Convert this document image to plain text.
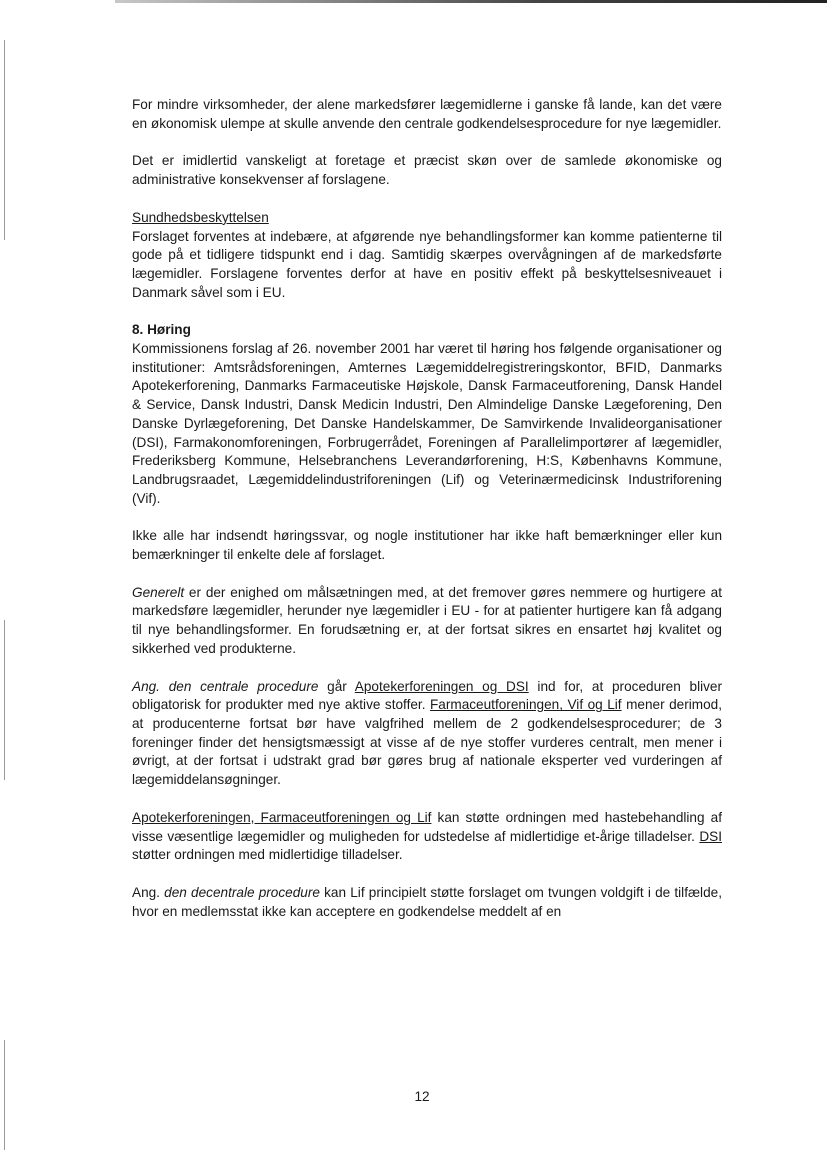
For mindre virksomheder, der alene markedsfører lægemidlerne i ganske få lande, kan det være en økonomisk ulempe at skulle anvende den centrale godkendelsesprocedure for nye lægemidler.

Det er imidlertid vanskeligt at foretage et præcist skøn over de samlede økonomiske og administrative konsekvenser af forslagene.

Sundhedsbeskyttelsen

Forslaget forventes at indebære, at afgørende nye behandlingsformer kan komme patienterne til gode på et tidligere tidspunkt end i dag. Samtidig skærpes overvågningen af de markedsførte lægemidler. Forslagene forventes derfor at have en positiv effekt på beskyttelsesniveauet i Danmark såvel som i EU.

8. Høring

Kommissionens forslag af 26. november 2001 har været til høring hos følgende organisationer og institutioner: Amtsrådsforeningen, Amternes Lægemiddelregistreringskontor, BFID, Danmarks Apotekerforening, Danmarks Farmaceutiske Højskole, Dansk Farmaceutforening, Dansk Handel & Service, Dansk Industri, Dansk Medicin Industri, Den Almindelige Danske Lægeforening, Den Danske Dyrlægeforening, Det Danske Handelskammer, De Samvirkende Invalideorganisationer (DSI), Farmakonomforeningen, Forbrugerrådet, Foreningen af Parallelimportører af lægemidler, Frederiksberg Kommune, Helsebranchens Leverandørforening, H:S, Københavns Kommune, Landbrugsraadet, Lægemiddelindustriforeningen (Lif) og Veterinærmedicinsk Industriforening (Vif).

Ikke alle har indsendt høringssvar, og nogle institutioner har ikke haft bemærkninger eller kun bemærkninger til enkelte dele af forslaget.

Generelt er der enighed om målsætningen med, at det fremover gøres nemmere og hurtigere at markedsføre lægemidler, herunder nye lægemidler i EU - for at patienter hurtigere kan få adgang til nye behandlingsformer. En forudsætning er, at der fortsat sikres en ensartet høj kvalitet og sikkerhed ved produkterne.

Ang. den centrale procedure går Apotekerforeningen og DSI ind for, at proceduren bliver obligatorisk for produkter med nye aktive stoffer. Farmaceutforeningen, Vif og Lif mener derimod, at producenterne fortsat bør have valgfrihed mellem de 2 godkendelsesprocedurer; de 3 foreninger finder det hensigtsmæssigt at visse af de nye stoffer vurderes centralt, men mener i øvrigt, at der fortsat i udstrakt grad bør gøres brug af nationale eksperter ved vurderingen af lægemiddelansøgninger.

Apotekerforeningen, Farmaceutforeningen og Lif kan støtte ordningen med hastebehandling af visse væsentlige lægemidler og muligheden for udstedelse af midlertidige et-årige tilladelser. DSI støtter ordningen med midlertidige tilladelser.

Ang. den decentrale procedure kan Lif principielt støtte forslaget om tvungen voldgift i de tilfælde, hvor en medlemsstat ikke kan acceptere en godkendelse meddelt af en

12
